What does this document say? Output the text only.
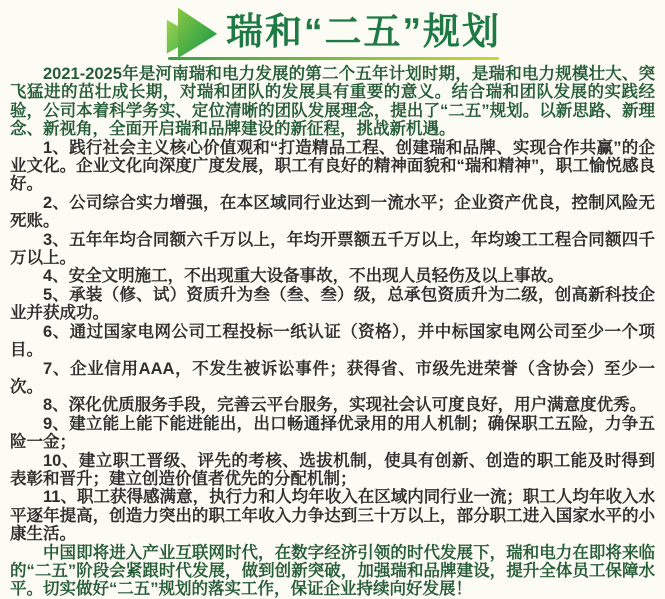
瑞和“二五”规划

2021-2025年是河南瑞和电力发展的第二个五年计划时期，是瑞和电力规模壮大、突飞猛进的茁壮成长期，对瑞和团队的发展具有重要的意义。结合瑞和团队发展的实践经验，公司本着科学务实、定位清晰的团队发展理念，提出了“二五”规划。以新思路、新理念、新视角，全面开启瑞和品牌建设的新征程，挑战新机遇。

1、践行社会主义核心价值观和“打造精品工程、创建瑞和品牌、实现合作共赢”的企业文化。企业文化向深度广度发展，职工有良好的精神面貌和“瑞和精神”，职工愉悦感良好。

2、公司综合实力增强，在本区域同行业达到一流水平；企业资产优良，控制风险无死账。

3、五年年均合同额六千万以上，年均开票额五千万以上，年均竣工工程合同额四千万以上。

4、安全文明施工，不出现重大设备事故，不出现人员轻伤及以上事故。

5、承装（修、试）资质升为叁（叁、叁）级，总承包资质升为二级，创高新科技企业并获成功。

6、通过国家电网公司工程投标一纸认证（资格），并中标国家电网公司至少一个项目。

7、企业信用AAA，不发生被诉讼事件；获得省、市级先进荣誉（含协会）至少一次。

8、深化优质服务手段，完善云平台服务，实现社会认可度良好，用户满意度优秀。

9、建立能上能下能进能出，出口畅通择优录用的用人机制；确保职工五险，力争五险一金；

10、建立职工晋级、评先的考核、选拔机制，使具有创新、创造的职工能及时得到表彰和晋升；建立创造价值者优先的分配机制；

11、职工获得感满意，执行力和人均年收入在区域内同行业一流；职工人均年收入水平逐年提高，创造力突出的职工年收入力争达到三十万以上，部分职工进入国家水平的小康生活。

中国即将进入产业互联网时代，在数字经济引领的时代发展下，瑞和电力在即将来临的“二五”阶段会紧跟时代发展，做到创新突破，加强瑞和品牌建设，提升全体员工保障水平。切实做好“二五”规划的落实工作，保证企业持续向好发展！
